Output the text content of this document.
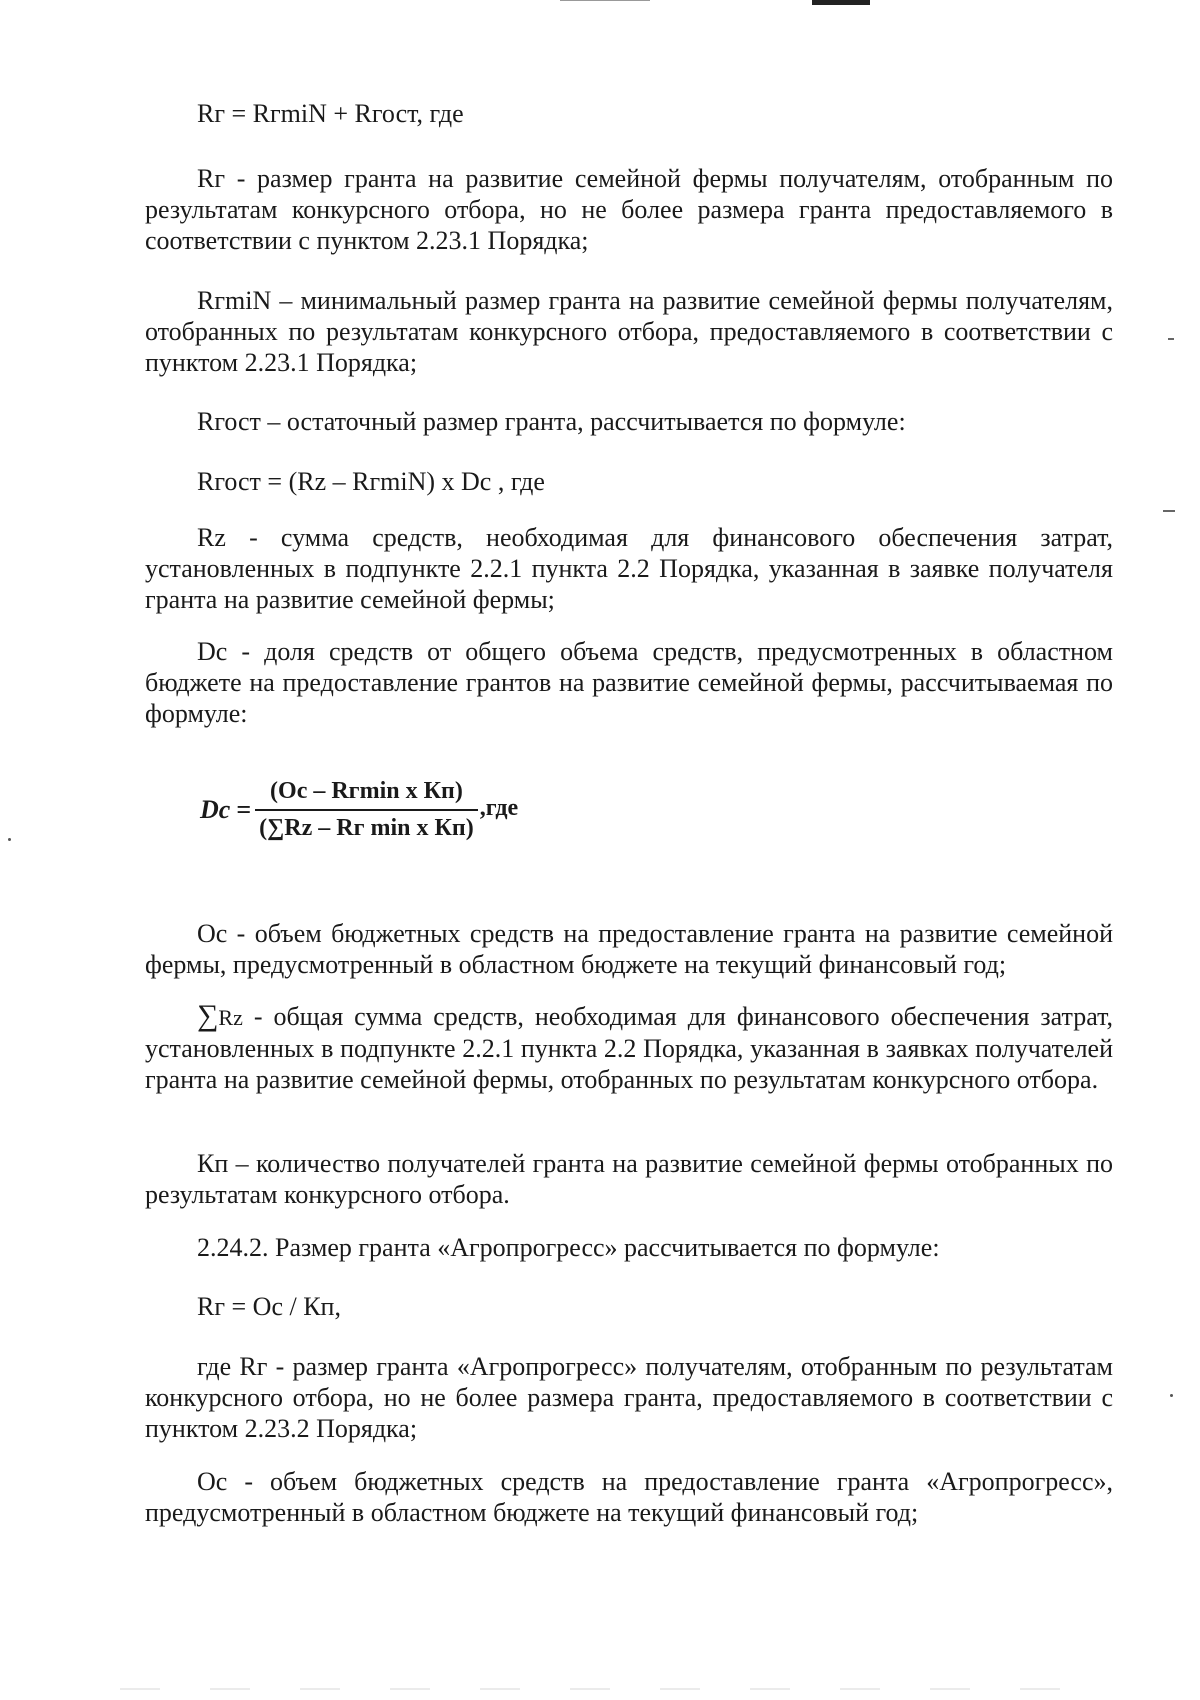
Rг = RгmiN + Rгост, где

Rг - размер гранта на развитие семейной фермы получателям, отобранным по результатам конкурсного отбора, но не более размера гранта предоставляемого в соответствии с пунктом 2.23.1 Порядка;

RгmiN – минимальный размер гранта на развитие семейной фермы получателям, отобранных по результатам конкурсного отбора, предоставляемого в соответствии с пунктом 2.23.1 Порядка;

Rгост – остаточный размер гранта, рассчитывается по формуле:

Rгост = (Rz – RгmiN) x Dc , где

Rz - сумма средств, необходимая для финансового обеспечения затрат, установленных в подпункте 2.2.1 пункта 2.2 Порядка, указанная в заявке получателя гранта на развитие семейной фермы;

Dc - доля средств от общего объема средств, предусмотренных в областном бюджете на предоставление грантов на развитие семейной фермы, рассчитываемая по формуле:

$Dc = \frac{\text{(Oc – Rгmin x Кп)}}{\text{(∑Rz – Rг min x Кп)}} ,где$

Oc - объем бюджетных средств на предоставление гранта на развитие семейной фермы, предусмотренный в областном бюджете на текущий финансовый год;

∑Rz - общая сумма средств, необходимая для финансового обеспечения затрат, установленных в подпункте 2.2.1 пункта 2.2 Порядка, указанная в заявках получателей гранта на развитие семейной фермы, отобранных по результатам конкурсного отбора.

Кп – количество получателей гранта на развитие семейной фермы отобранных по результатам конкурсного отбора.

2.24.2. Размер гранта «Агропрогресс» рассчитывается по формуле:

Rг = Oc / Кп,

где Rг - размер гранта «Агропрогресс» получателям, отобранным по результатам конкурсного отбора, но не более размера гранта, предоставляемого в соответствии с пунктом 2.23.2 Порядка;

Oc - объем бюджетных средств на предоставление гранта «Агропрогресс», предусмотренный в областном бюджете на текущий финансовый год;
